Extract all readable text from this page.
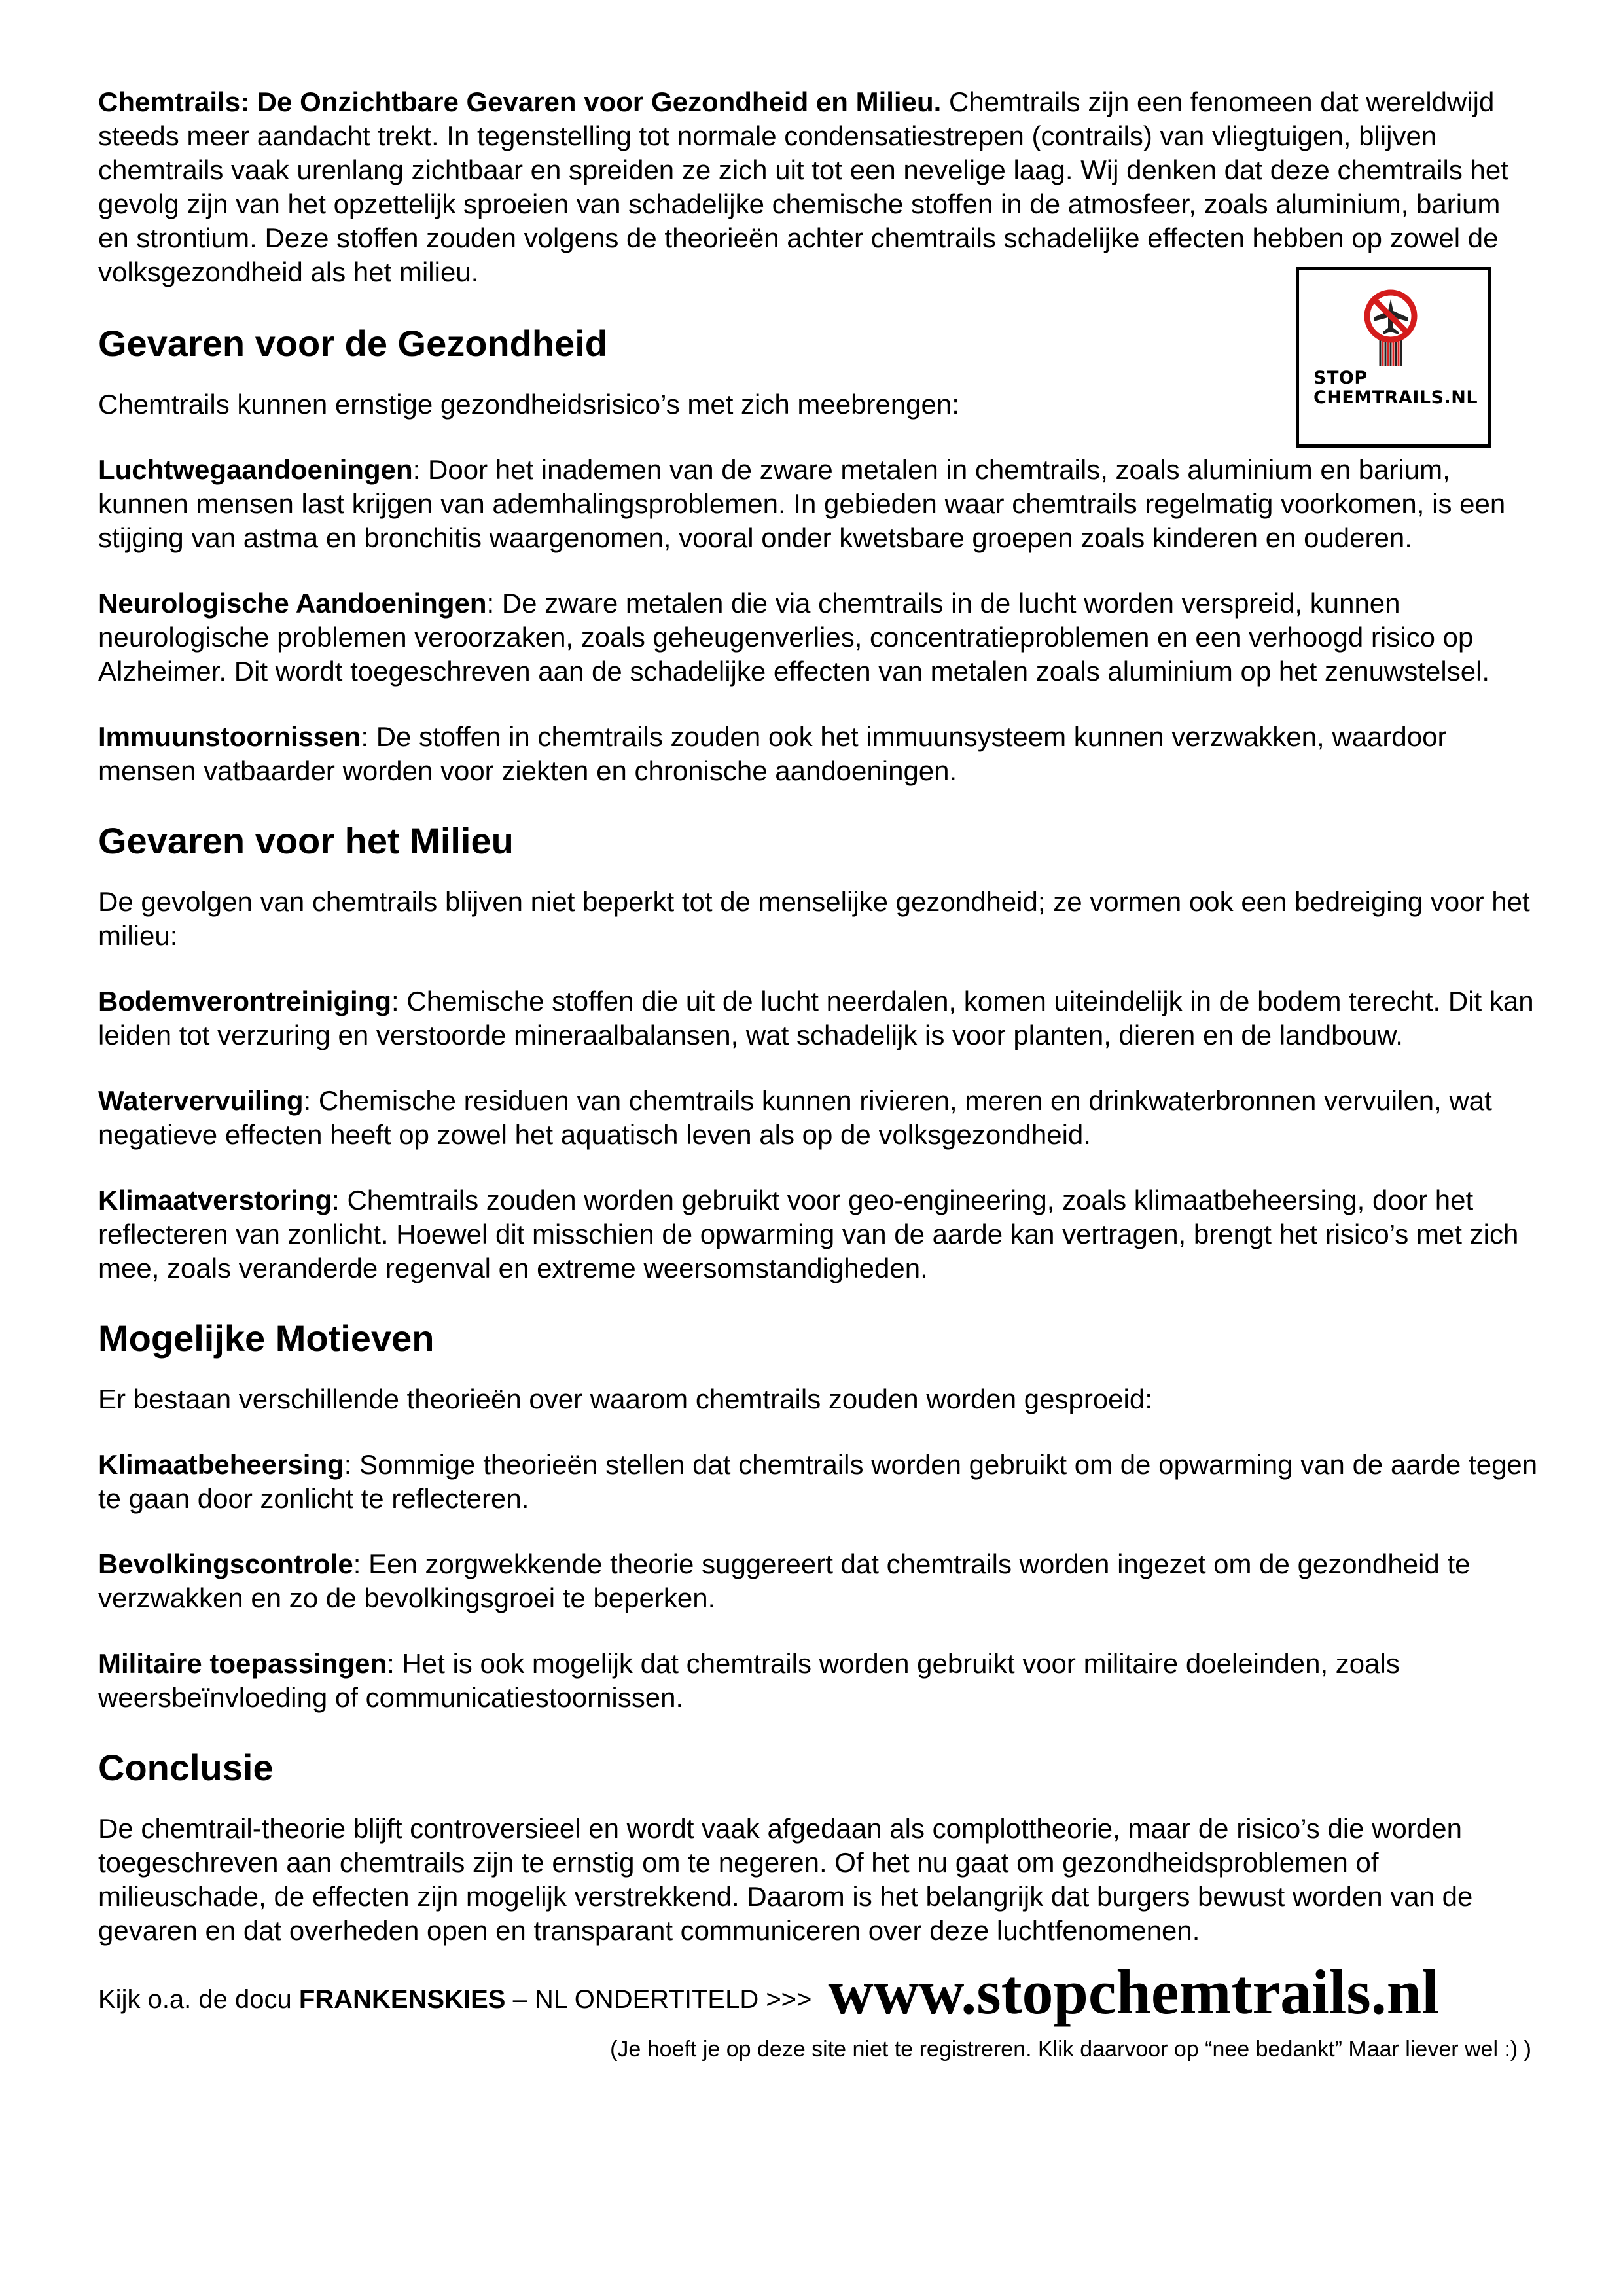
STOP
CHEMTRAILS.NL

Chemtrails: De Onzichtbare Gevaren voor Gezondheid en Milieu. Chemtrails zijn een fenomeen dat wereldwijd steeds meer aandacht trekt. In tegenstelling tot normale condensatiestrepen (contrails) van vliegtuigen, blijven chemtrails vaak urenlang zichtbaar en spreiden ze zich uit tot een nevelige laag. Wij denken dat deze chemtrails het gevolg zijn van het opzettelijk sproeien van schadelijke chemische stoffen in de atmosfeer, zoals aluminium, barium en strontium. Deze stoffen zouden volgens de theorieën achter chemtrails schadelijke effecten hebben op zowel de volksgezondheid als het milieu.

Gevaren voor de Gezondheid

Chemtrails kunnen ernstige gezondheidsrisico’s met zich meebrengen:

Luchtwegaandoeningen: Door het inademen van de zware metalen in chemtrails, zoals aluminium en barium, kunnen mensen last krijgen van ademhalingsproblemen. In gebieden waar chemtrails regelmatig voorkomen, is een stijging van astma en bronchitis waargenomen, vooral onder kwetsbare groepen zoals kinderen en ouderen.

Neurologische Aandoeningen: De zware metalen die via chemtrails in de lucht worden verspreid, kunnen neurologische problemen veroorzaken, zoals geheugenverlies, concentratieproblemen en een verhoogd risico op Alzheimer. Dit wordt toegeschreven aan de schadelijke effecten van metalen zoals aluminium op het zenuwstelsel.

Immuunstoornissen: De stoffen in chemtrails zouden ook het immuunsysteem kunnen verzwakken, waardoor mensen vatbaarder worden voor ziekten en chronische aandoeningen.

Gevaren voor het Milieu

De gevolgen van chemtrails blijven niet beperkt tot de menselijke gezondheid; ze vormen ook een bedreiging voor het milieu:

Bodemverontreiniging: Chemische stoffen die uit de lucht neerdalen, komen uiteindelijk in de bodem terecht. Dit kan leiden tot verzuring en verstoorde mineraalbalansen, wat schadelijk is voor planten, dieren en de landbouw.

Watervervuiling: Chemische residuen van chemtrails kunnen rivieren, meren en drinkwaterbronnen vervuilen, wat negatieve effecten heeft op zowel het aquatisch leven als op de volksgezondheid.

Klimaatverstoring: Chemtrails zouden worden gebruikt voor geo-engineering, zoals klimaatbeheersing, door het reflecteren van zonlicht. Hoewel dit misschien de opwarming van de aarde kan vertragen, brengt het risico’s met zich mee, zoals veranderde regenval en extreme weersomstandigheden.

Mogelijke Motieven

Er bestaan verschillende theorieën over waarom chemtrails zouden worden gesproeid:

Klimaatbeheersing: Sommige theorieën stellen dat chemtrails worden gebruikt om de opwarming van de aarde tegen te gaan door zonlicht te reflecteren.

Bevolkingscontrole: Een zorgwekkende theorie suggereert dat chemtrails worden ingezet om de gezondheid te verzwakken en zo de bevolkingsgroei te beperken.

Militaire toepassingen: Het is ook mogelijk dat chemtrails worden gebruikt voor militaire doeleinden, zoals weersbeïnvloeding of communicatiestoornissen.

Conclusie

De chemtrail-theorie blijft controversieel en wordt vaak afgedaan als complottheorie, maar de risico’s die worden toegeschreven aan chemtrails zijn te ernstig om te negeren. Of het nu gaat om gezondheidsproblemen of milieuschade, de effecten zijn mogelijk verstrekkend. Daarom is het belangrijk dat burgers bewust worden van de gevaren en dat overheden open en transparant communiceren over deze luchtfenomenen.

Kijk o.a. de docu FRANKENSKIES – NL ONDERTITELD >>> www.stopchemtrails.nl

(Je hoeft je op deze site niet te registreren. Klik daarvoor op “nee bedankt” Maar liever wel :) )
